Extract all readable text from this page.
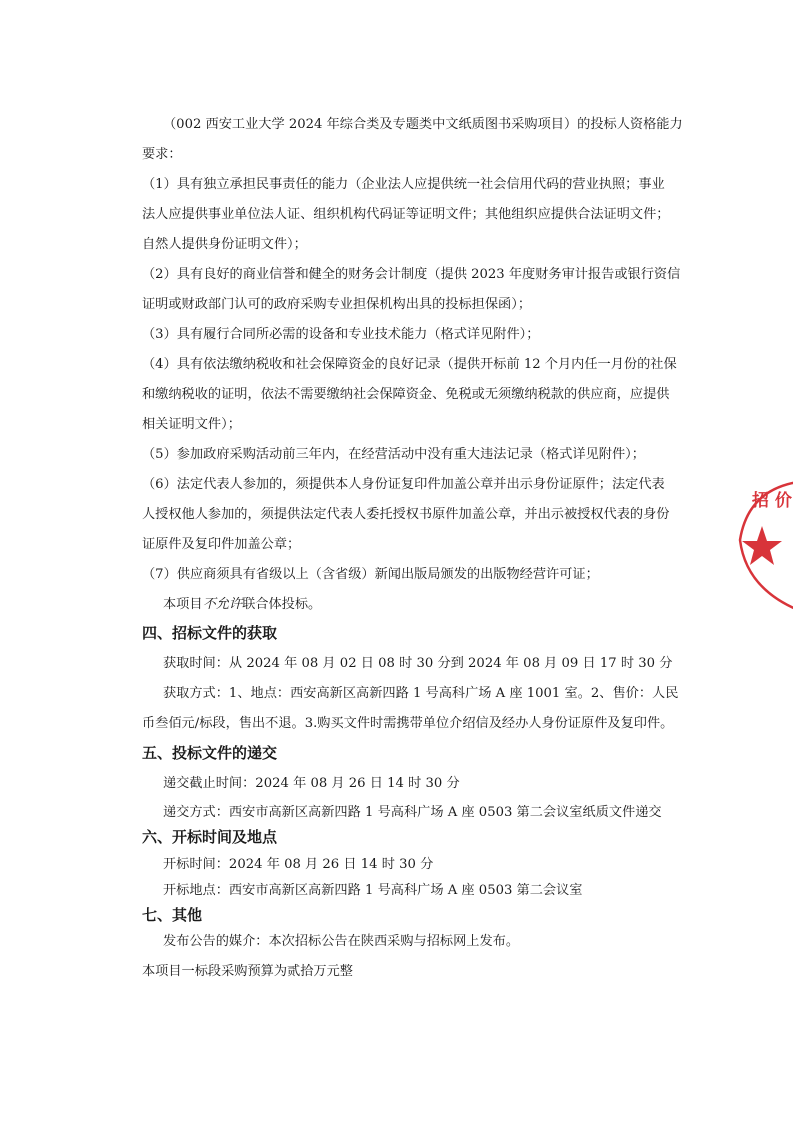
（002 西安工业大学 2024 年综合类及专题类中文纸质图书采购项目）的投标人资格能力
要求：
（1）具有独立承担民事责任的能力（企业法人应提供统一社会信用代码的营业执照；事业
法人应提供事业单位法人证、组织机构代码证等证明文件；其他组织应提供合法证明文件；
自然人提供身份证明文件）；
（2）具有良好的商业信誉和健全的财务会计制度（提供 2023 年度财务审计报告或银行资信
证明或财政部门认可的政府采购专业担保机构出具的投标担保函）；
（3）具有履行合同所必需的设备和专业技术能力（格式详见附件）；
（4）具有依法缴纳税收和社会保障资金的良好记录（提供开标前 12 个月内任一月份的社保
和缴纳税收的证明，依法不需要缴纳社会保障资金、免税或无须缴纳税款的供应商，应提供
相关证明文件）；
（5）参加政府采购活动前三年内，在经营活动中没有重大违法记录（格式详见附件）；
（6）法定代表人参加的，须提供本人身份证复印件加盖公章并出示身份证原件；法定代表
人授权他人参加的，须提供法定代表人委托授权书原件加盖公章，并出示被授权代表的身份
证原件及复印件加盖公章；
（7）供应商须具有省级以上（含省级）新闻出版局颁发的出版物经营许可证；
本项目不允许联合体投标。
四、招标文件的获取
获取时间：从 2024 年 08 月 02 日 08 时 30 分到 2024 年 08 月 09 日 17 时 30 分
获取方式：1、地点：西安高新区高新四路 1 号高科广场 A 座 1001 室。2、售价：人民
币叁佰元/标段，售出不退。3.购买文件时需携带单位介绍信及经办人身份证原件及复印件。
五、投标文件的递交
递交截止时间：2024 年 08 月 26 日 14 时 30 分
递交方式：西安市高新区高新四路 1 号高科广场 A 座 0503 第二会议室纸质文件递交
六、开标时间及地点
开标时间：2024 年 08 月 26 日 14 时 30 分
开标地点：西安市高新区高新四路 1 号高科广场 A 座 0503 第二会议室
七、其他
发布公告的媒介：本次招标公告在陕西采购与招标网上发布。
本项目一标段采购预算为贰拾万元整
招 价
